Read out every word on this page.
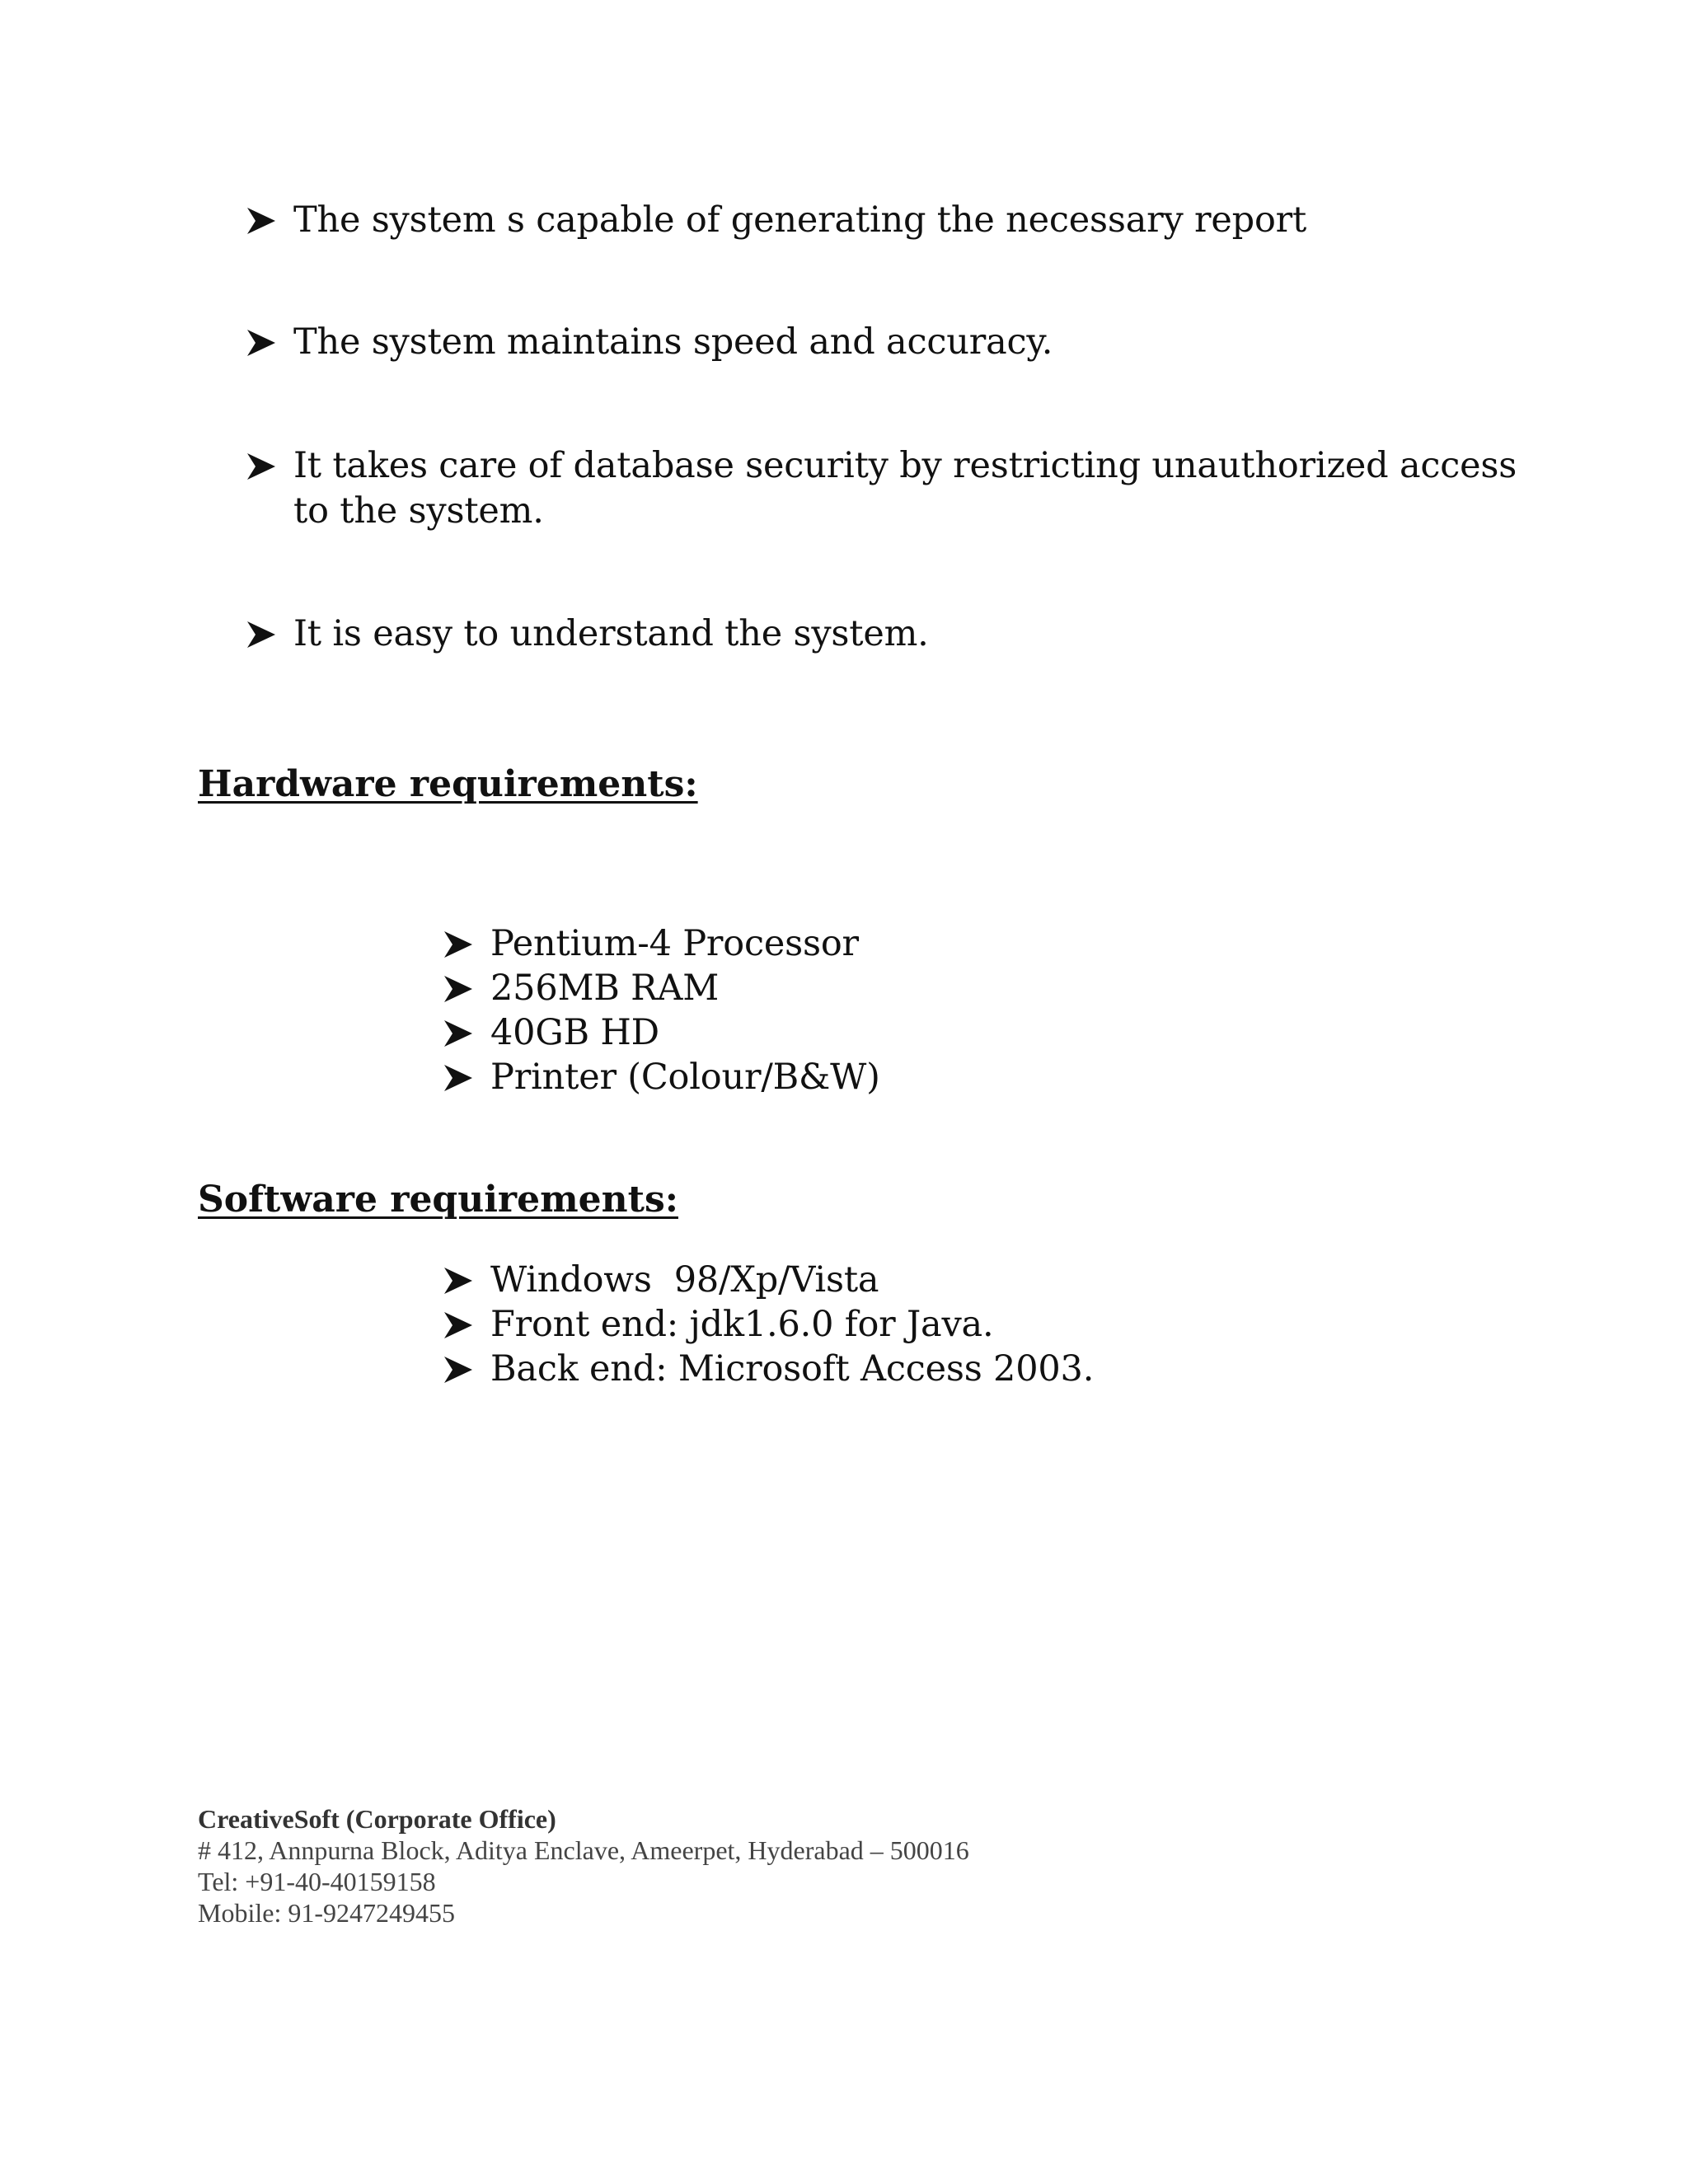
The system s capable of generating the necessary report
The system maintains speed and accuracy.
It takes care of database security by restricting unauthorized access to the system.
It is easy to understand the system.
Hardware requirements:
Pentium-4 Processor
256MB RAM
40GB HD
Printer (Colour/B&W)
Software requirements:
Windows  98/Xp/Vista
Front end: jdk1.6.0 for Java.
Back end: Microsoft Access 2003.
CreativeSoft (Corporate Office)
# 412, Annpurna Block, Aditya Enclave, Ameerpet, Hyderabad – 500016
Tel: +91-40-40159158
Mobile: 91-9247249455
